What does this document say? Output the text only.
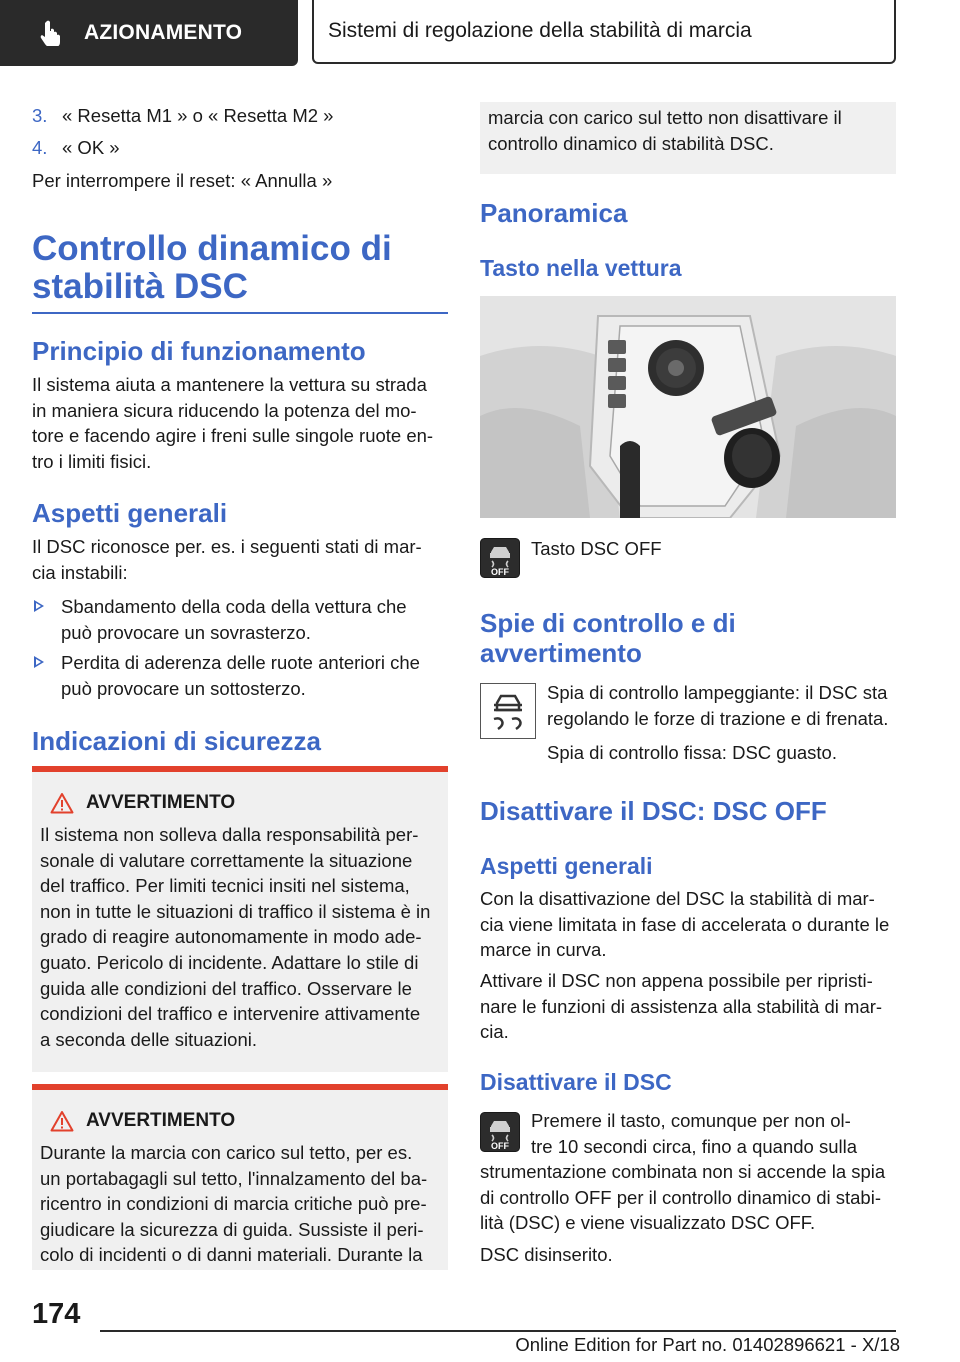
AZIONAMENTO	Sistemi di regolazione della stabilità di marcia
3. « Resetta M1 » o « Resetta M2 »
4. « OK »

Per interrompere il reset: « Annulla »

Controllo dinamico di
stabilità DSC
Principio di funzionamento

Il sistema aiuta a mantenere la vettura su strada

in maniera sicura riducendo la potenza del mo‐

tore e facendo agire i freni sulle singole ruote en‐

tro i limiti fisici.

Aspetti generali

Il DSC riconosce per. es. i seguenti stati di mar‐

cia instabili:

Sbandamento della coda della vettura che

può provocare un sovrasterzo.

Perdita di aderenza delle ruote anteriori che

può provocare un sottosterzo.

Indicazioni di sicurezza
AVVERTIMENTO

Il sistema non solleva dalla responsabilità per‐

sonale di valutare correttamente la situazione

del traffico. Per limiti tecnici insiti nel sistema,

non in tutte le situazioni di traffico il sistema è in

grado di reagire autonomamente in modo ade‐

guato. Pericolo di incidente. Adattare lo stile di

guida alle condizioni del traffico. Osservare le

condizioni del traffico e intervenire attivamente

a seconda delle situazioni.

AVVERTIMENTO

Durante la marcia con carico sul tetto, per es.

un portabagagli sul tetto, l'innalzamento del ba‐

ricentro in condizioni di marcia critiche può pre‐

giudicare la sicurezza di guida. Sussiste il peri‐

colo di incidenti o di danni materiali. Durante la

marcia con carico sul tetto non disattivare il

controllo dinamico di stabilità DSC.

Panoramica
Tasto nella vettura
OFF

Tasto DSC OFF

Spie di controllo e di
avvertimento

Spia di controllo lampeggiante: il DSC sta

regolando le forze di trazione e di frenata.

Spia di controllo fissa: DSC guasto.

Disattivare il DSC: DSC OFF
Aspetti generali

Con la disattivazione del DSC la stabilità di mar‐

cia viene limitata in fase di accelerata o durante le

marce in curva.

Attivare il DSC non appena possibile per ripristi‐

nare le funzioni di assistenza alla stabilità di mar‐

cia.

Disattivare il DSC
OFF

Premere il tasto, comunque per non ol‐

tre 10 secondi circa, fino a quando sulla

strumentazione combinata non si accende la spia

di controllo OFF per il controllo dinamico di stabi‐

lità (DSC) e viene visualizzato DSC OFF.

DSC disinserito.

174
Online Edition for Part no. 01402896621 - X/18
